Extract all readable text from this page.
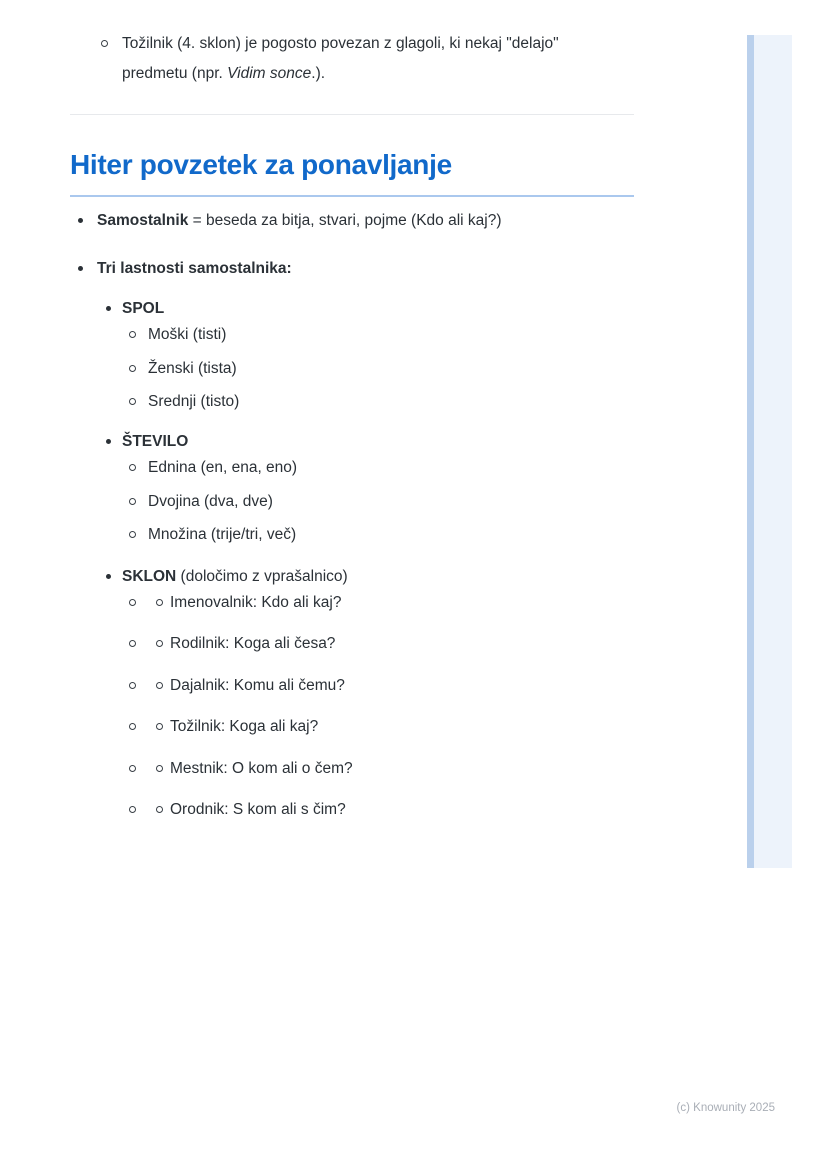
Tožilnik (4. sklon) je pogosto povezan z glagoli, ki nekaj "delajo" predmetu (npr. Vidim sonce.).
Hiter povzetek za ponavljanje
Samostalnik = beseda za bitja, stvari, pojme (Kdo ali kaj?)
Tri lastnosti samostalnika:
SPOL
Moški (tisti)
Ženski (tista)
Srednji (tisto)
ŠTEVILO
Ednina (en, ena, eno)
Dvojina (dva, dve)
Množina (trije/tri, več)
SKLON (določimo z vprašalnico)
Imenovalnik: Kdo ali kaj?
Rodilnik: Koga ali česa?
Dajalnik: Komu ali čemu?
Tožilnik: Koga ali kaj?
Mestnik: O kom ali o čem?
Orodnik: S kom ali s čim?
(c) Knowunity 2025
